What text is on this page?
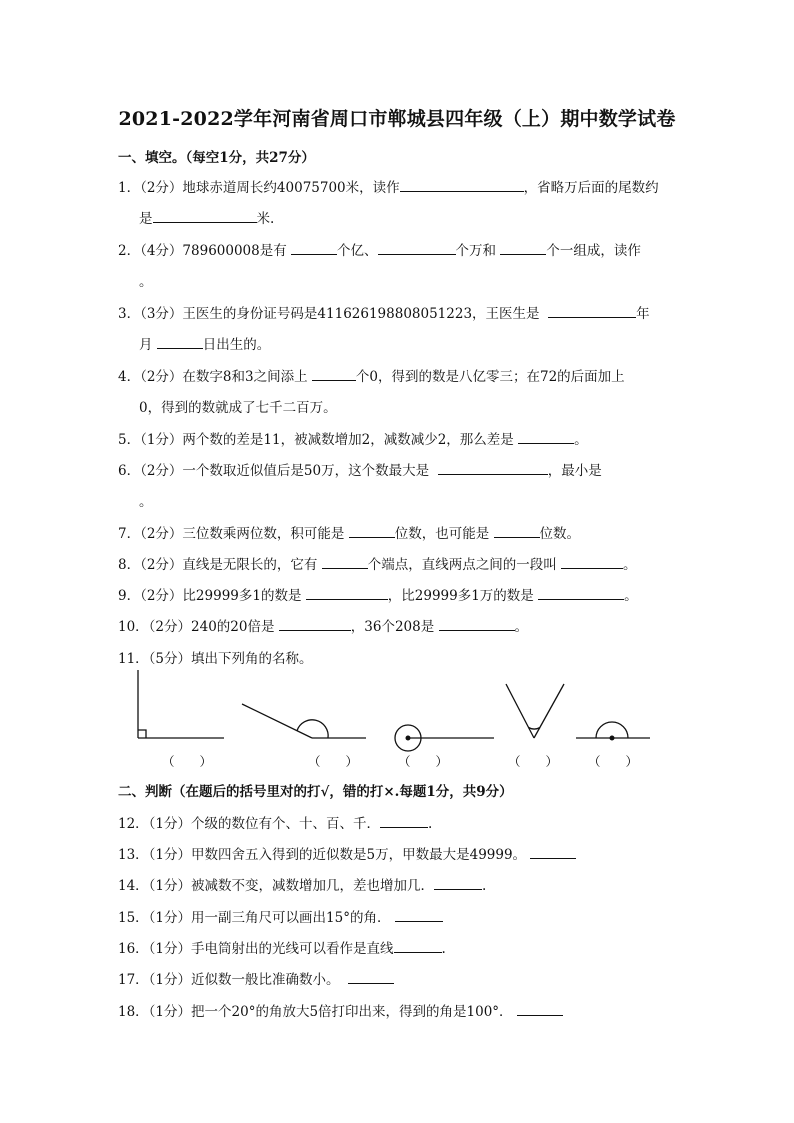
2021-2022学年河南省周口市郸城县四年级（上）期中数学试卷
一、填空。（每空1分，共27分）
1．（2分）地球赤道周长约40075700米，读作	，省略万后面的尾数约
是	米.
2．（4分）789600008是有	个亿、	个万和	个一组成，读作
。
3．（3分）王医生的身份证号码是411626198808051223，王医生是	年
月	日出生的。
4．（2分）在数字8和3之间添上	个0，得到的数是八亿零三；在72的后面加上
0，得到的数就成了七千二百万。
5．（1分）两个数的差是11，被减数增加2，减数减少2，那么差是	。
6．（2分）一个数取近似值后是50万，这个数最大是	，最小是
。
7．（2分）三位数乘两位数，积可能是	位数，也可能是	位数。
8．（2分）直线是无限长的，它有	个端点，直线两点之间的一段叫	。
9．（2分）比29999多1的数是	，比29999多1万的数是	。
10．（2分）240的20倍是	，36个208是	。
11．（5分）填出下列角的名称。
（　　）	（　　）	（　　）	（　　） （　　）
二、判断（在题后的括号里对的打√，错的打×.每题1分，共9分）
12．（1分）个级的数位有个、十、百、千．	.
13．（1分）甲数四舍五入得到的近似数是5万，甲数最大是49999。
14．（1分）被减数不变，减数增加几，差也增加几．	.
15．（1分）用一副三角尺可以画出15°的角．
16．（1分）手电筒射出的光线可以看作是直线	.
17．（1分）近似数一般比准确数小。
18．（1分）把一个20°的角放大5倍打印出来，得到的角是100°．
